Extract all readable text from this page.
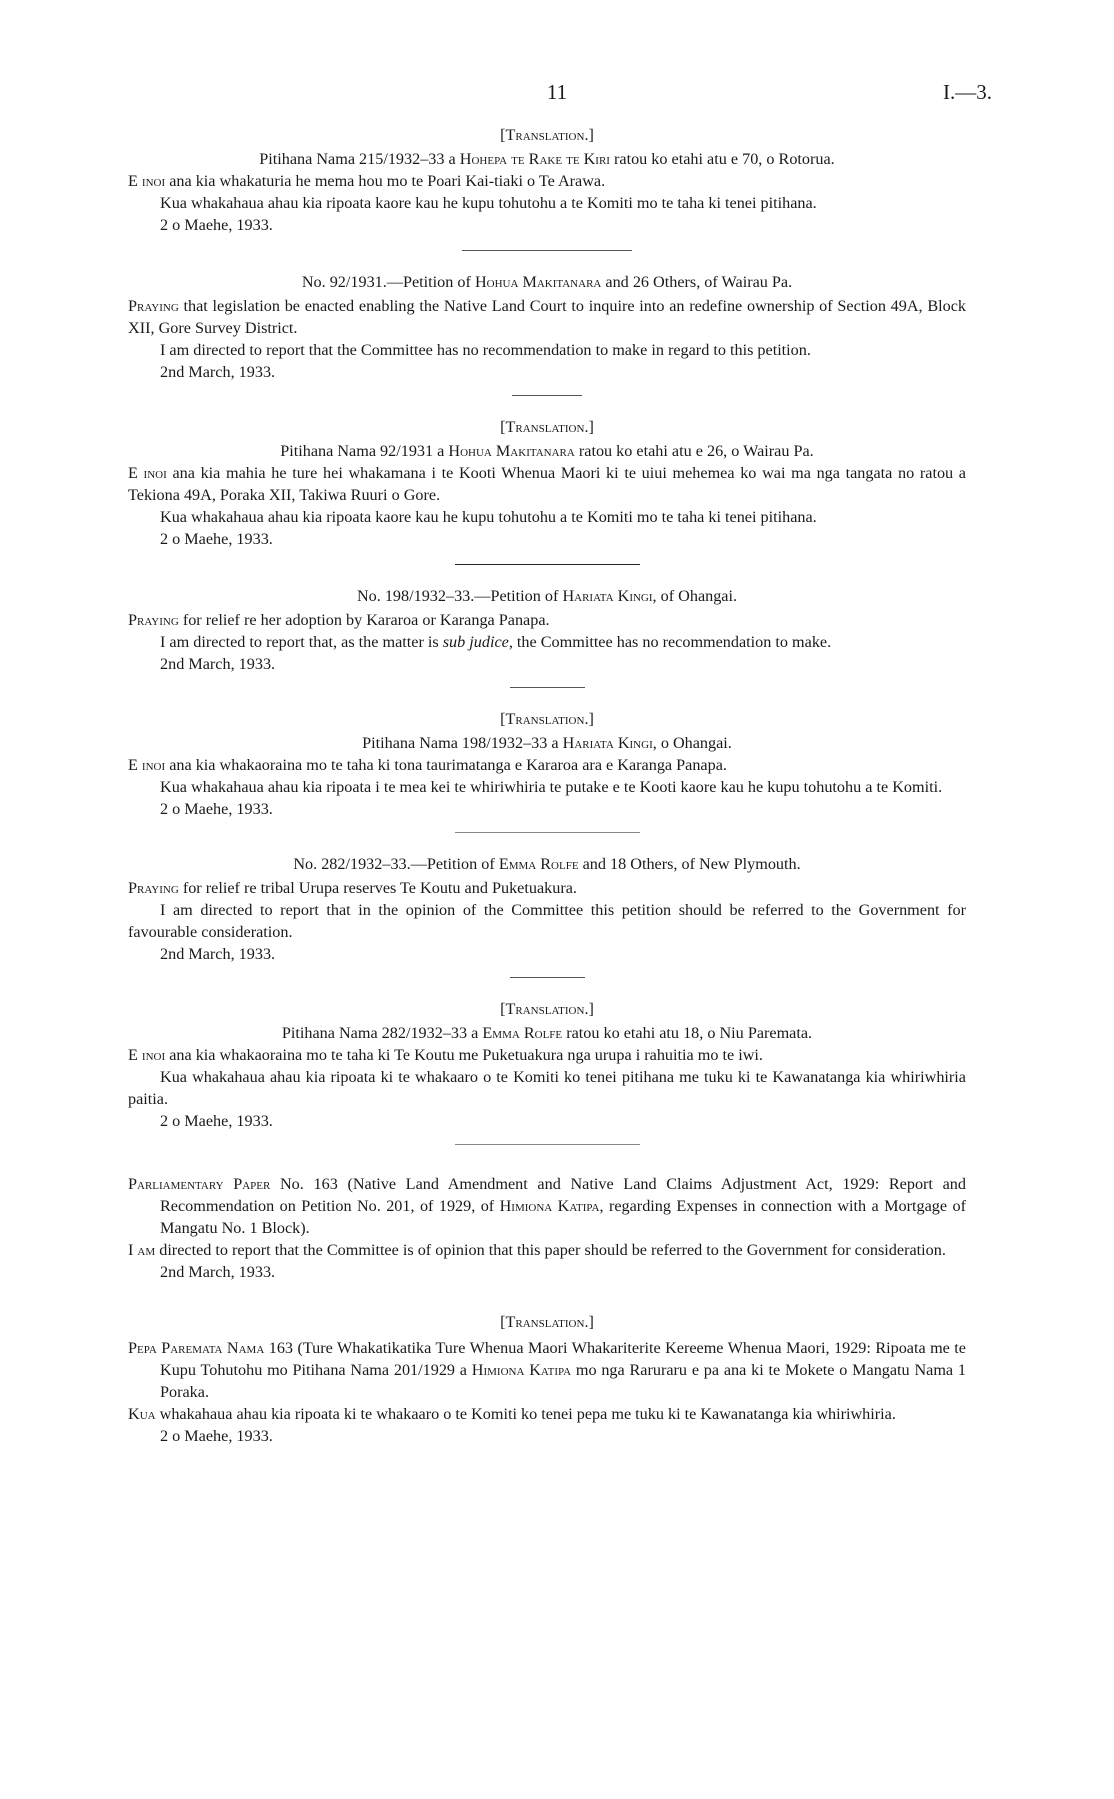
11	I.—3.

[Translation.]

Pitihana Nama 215/1932–33 a Hohepa te Rake te Kiri ratou ko etahi atu e 70, o Rotorua.

E inoi ana kia whakaturia he mema hou mo te Poari Kai-tiaki o Te Arawa.

Kua whakahaua ahau kia ripoata kaore kau he kupu tohutohu a te Komiti mo te taha ki tenei pitihana.

2 o Maehe, 1933.

No. 92/1931.—Petition of Hohua Makitanara and 26 Others, of Wairau Pa.

Praying that legislation be enacted enabling the Native Land Court to inquire into an redefine ownership of Section 49A, Block XII, Gore Survey District.

I am directed to report that the Committee has no recommendation to make in regard to this petition.

2nd March, 1933.

[Translation.]

Pitihana Nama 92/1931 a Hohua Makitanara ratou ko etahi atu e 26, o Wairau Pa.

E inoi ana kia mahia he ture hei whakamana i te Kooti Whenua Maori ki te uiui mehemea ko wai ma nga tangata no ratou a Tekiona 49A, Poraka XII, Takiwa Ruuri o Gore.

Kua whakahaua ahau kia ripoata kaore kau he kupu tohutohu a te Komiti mo te taha ki tenei pitihana.

2 o Maehe, 1933.

No. 198/1932–33.—Petition of Hariata Kingi, of Ohangai.

Praying for relief re her adoption by Kararoa or Karanga Panapa.

I am directed to report that, as the matter is sub judice, the Committee has no recommendation to make.

2nd March, 1933.

[Translation.]

Pitihana Nama 198/1932–33 a Hariata Kingi, o Ohangai.

E inoi ana kia whakaoraina mo te taha ki tona taurimatanga e Kararoa ara e Karanga Panapa.

Kua whakahaua ahau kia ripoata i te mea kei te whiriwhiria te putake e te Kooti kaore kau he kupu tohutohu a te Komiti.

2 o Maehe, 1933.

No. 282/1932–33.—Petition of Emma Rolfe and 18 Others, of New Plymouth.

Praying for relief re tribal Urupa reserves Te Koutu and Puketuakura.

I am directed to report that in the opinion of the Committee this petition should be referred to the Government for favourable consideration.

2nd March, 1933.

[Translation.]

Pitihana Nama 282/1932–33 a Emma Rolfe ratou ko etahi atu 18, o Niu Paremata.

E inoi ana kia whakaoraina mo te taha ki Te Koutu me Puketuakura nga urupa i rahuitia mo te iwi.

Kua whakahaua ahau kia ripoata ki te whakaaro o te Komiti ko tenei pitihana me tuku ki te Kawanatanga kia whiriwhiria paitia.

2 o Maehe, 1933.

Parliamentary Paper No. 163 (Native Land Amendment and Native Land Claims Adjustment Act, 1929: Report and Recommendation on Petition No. 201, of 1929, of Himiona Katipa, regarding Expenses in connection with a Mortgage of Mangatu No. 1 Block).

I am directed to report that the Committee is of opinion that this paper should be referred to the Government for consideration.

2nd March, 1933.

[Translation.]

Pepa Paremata Nama 163 (Ture Whakatikatika Ture Whenua Maori Whakariterite Kereeme Whenua Maori, 1929: Ripoata me te Kupu Tohutohu mo Pitihana Nama 201/1929 a Himiona Katipa mo nga Raruraru e pa ana ki te Mokete o Mangatu Nama 1 Poraka.

Kua whakahaua ahau kia ripoata ki te whakaaro o te Komiti ko tenei pepa me tuku ki te Kawanatanga kia whiriwhiria.

2 o Maehe, 1933.
